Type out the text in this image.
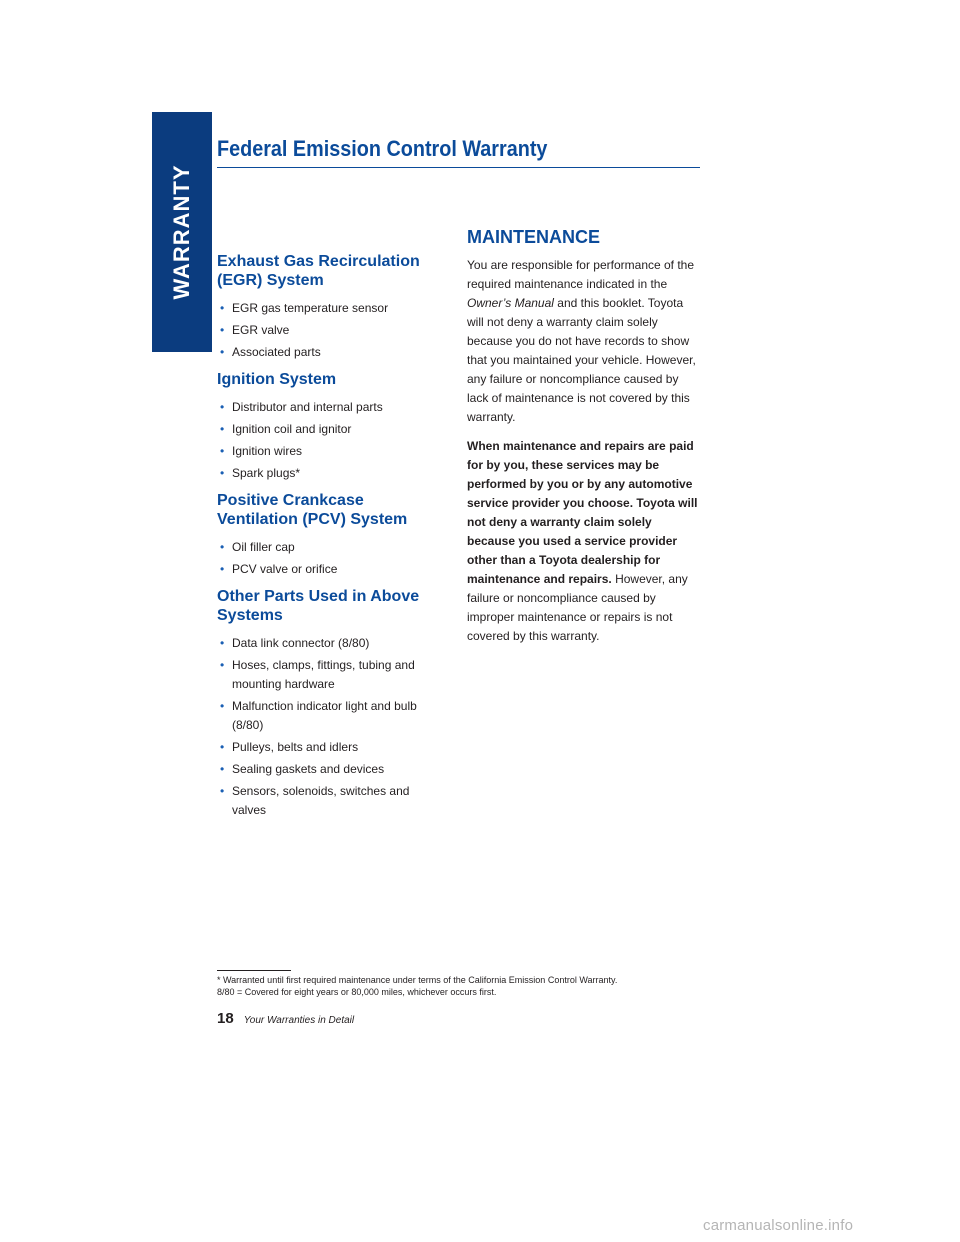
WARRANTY
Federal Emission Control Warranty
Exhaust Gas Recirculation (EGR) System
• EGR gas temperature sensor
• EGR valve
• Associated parts
Ignition System
• Distributor and internal parts
• Ignition coil and ignitor
• Ignition wires
• Spark plugs*
Positive Crankcase Ventilation (PCV) System
• Oil filler cap
• PCV valve or orifice
Other Parts Used in Above Systems
• Data link connector (8/80)
• Hoses, clamps, fittings, tubing and mounting hardware
• Malfunction indicator light and bulb (8/80)
• Pulleys, belts and idlers
• Sealing gaskets and devices
• Sensors, solenoids, switches and valves
MAINTENANCE

You are responsible for performance of the required maintenance indicated in the Owner’s Manual and this booklet. Toyota will not deny a warranty claim solely because you do not have records to show that you maintained your vehicle. However, any failure or noncompliance caused by lack of maintenance is not covered by this warranty.

When maintenance and repairs are paid for by you, these services may be performed by you or by any automotive service provider you choose. Toyota will not deny a warranty claim solely because you used a service provider other than a Toyota dealership for maintenance and repairs. However, any failure or noncompliance caused by improper maintenance or repairs is not covered by this warranty.

* Warranted until first required maintenance under terms of the California Emission Control Warranty.
8/80 = Covered for eight years or 80,000 miles, whichever occurs first.
18 Your Warranties in Detail
carmanualsonline.info
